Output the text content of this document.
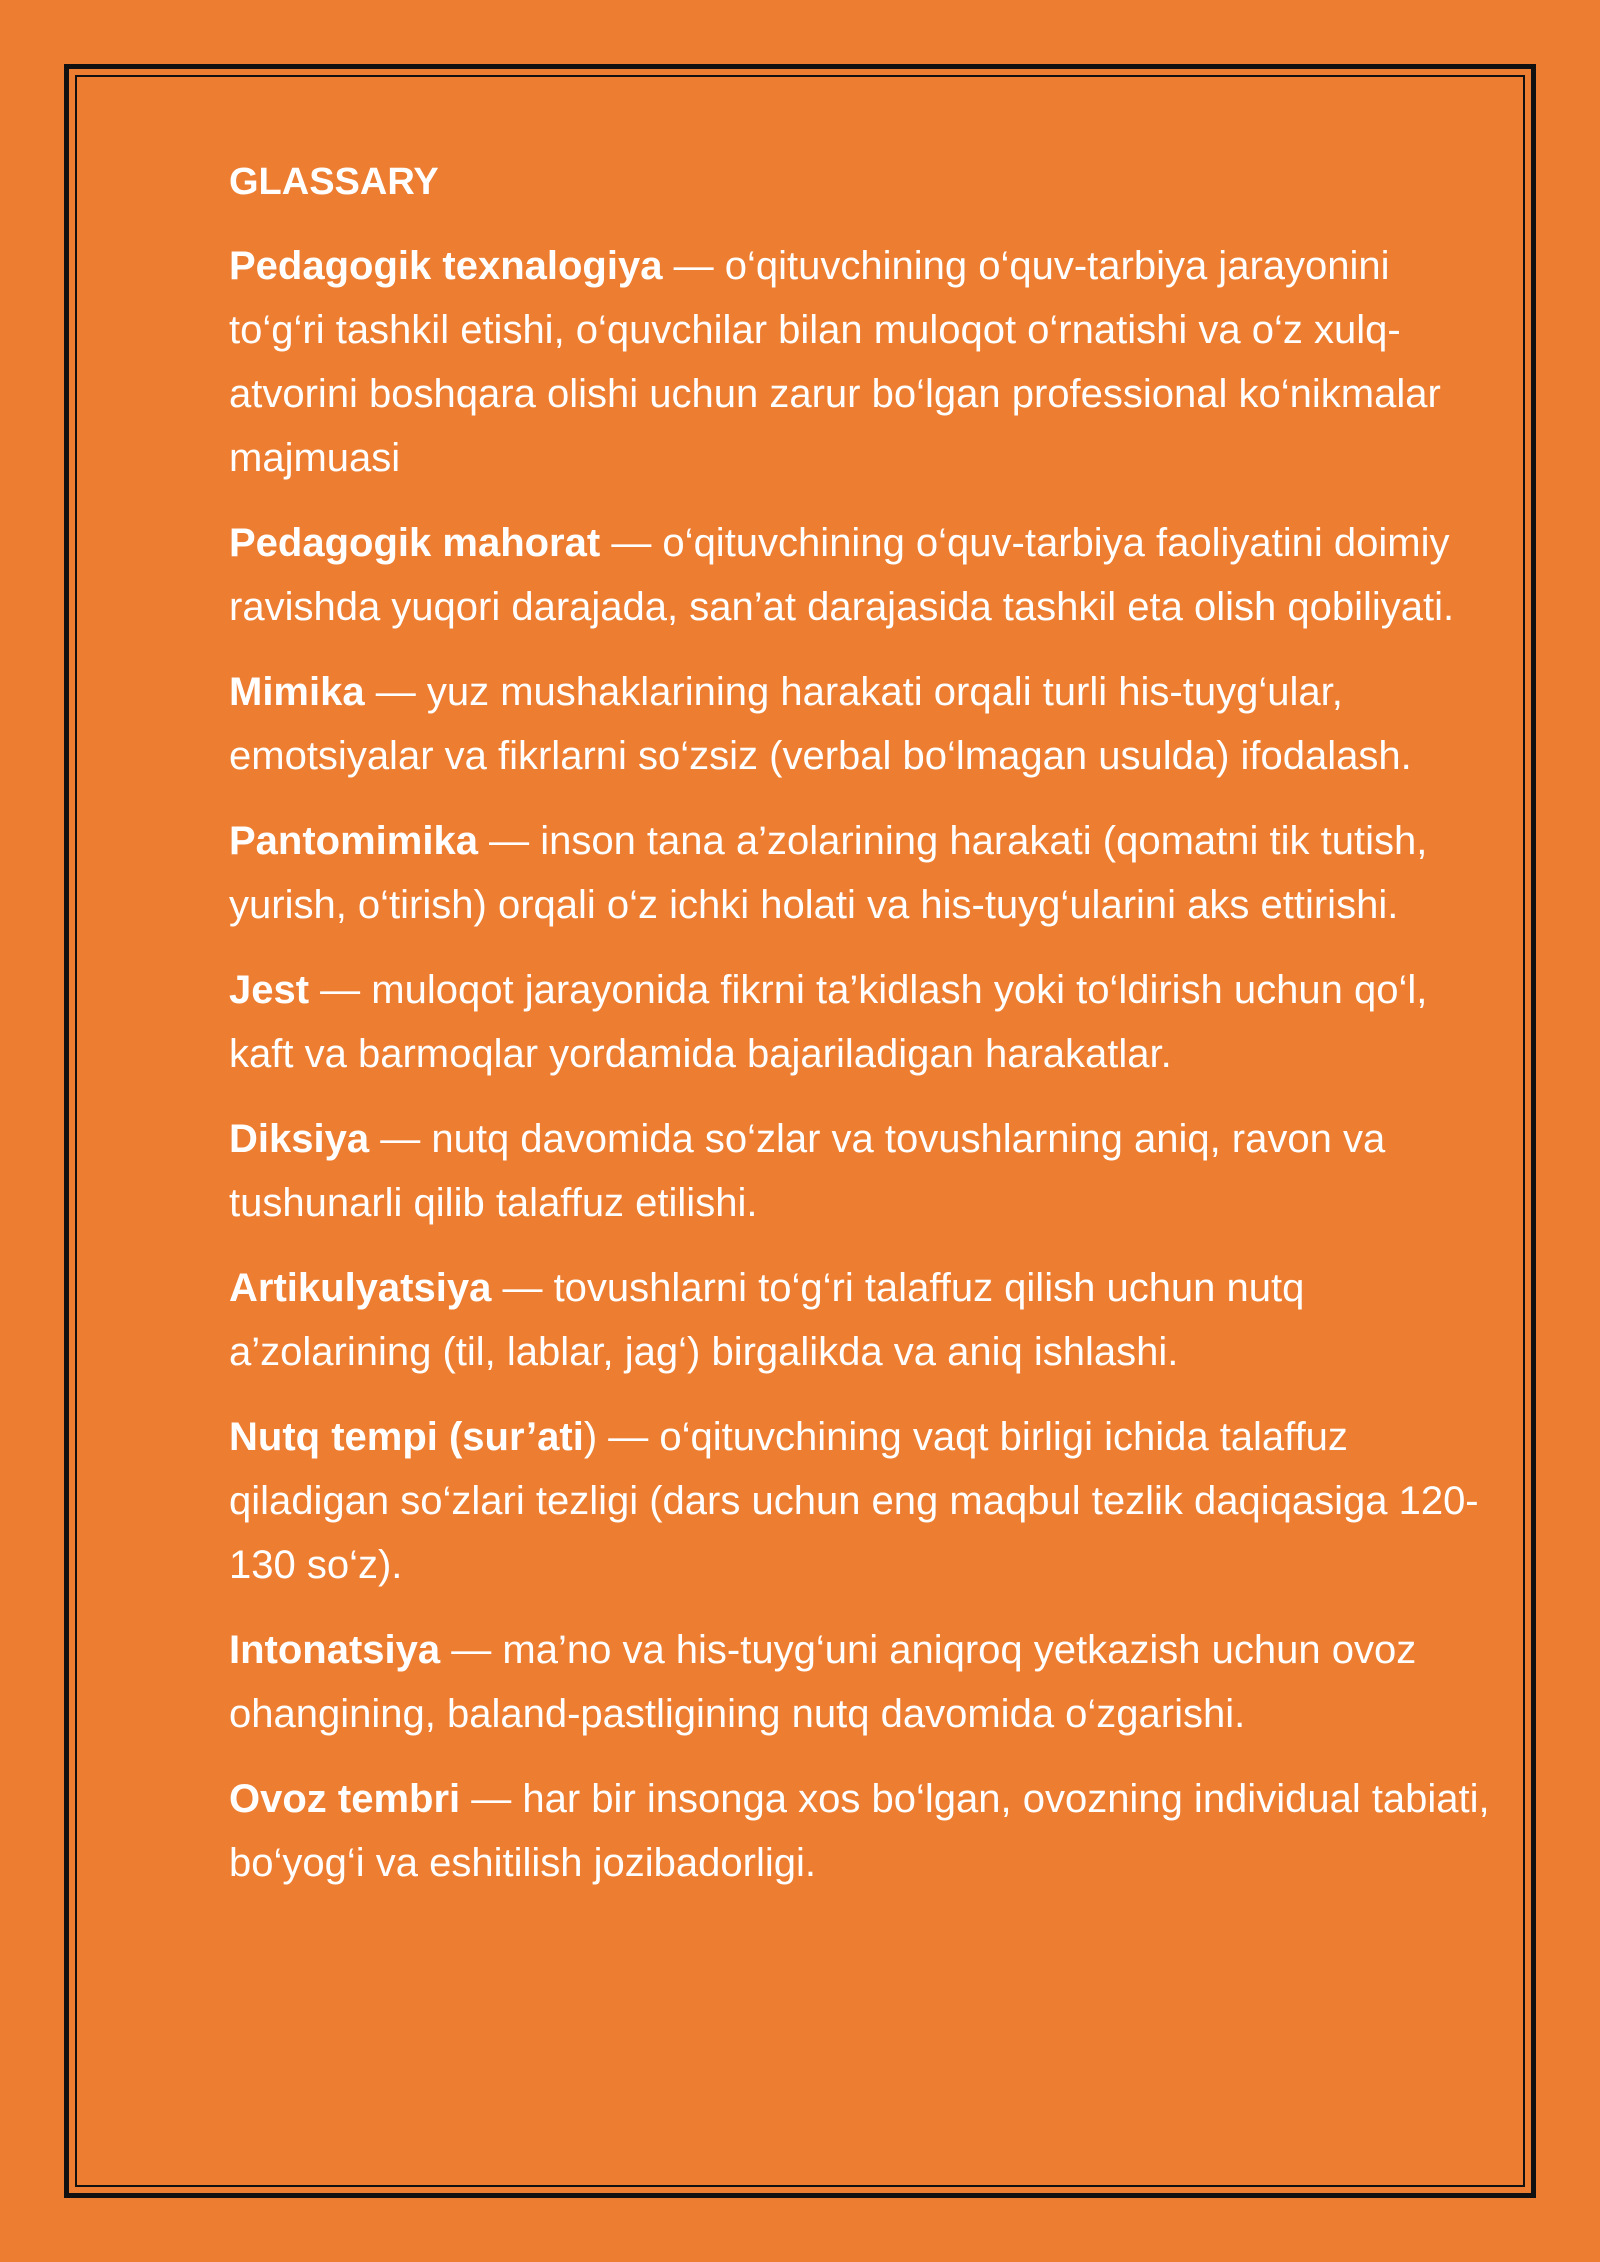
GLASSARY

Pedagogik texnalogiya — o‘qituvchining o‘quv-tarbiya jarayonini to‘g‘ri tashkil etishi, o‘quvchilar bilan muloqot o‘rnatishi va o‘z xulq-atvorini boshqara olishi uchun zarur bo‘lgan professional ko‘nikmalar majmuasi

Pedagogik mahorat — o‘qituvchining o‘quv-tarbiya faoliyatini doimiy ravishda yuqori darajada, san’at darajasida tashkil eta olish qobiliyati.

Mimika — yuz mushaklarining harakati orqali turli his-tuyg‘ular, emotsiyalar va fikrlarni so‘zsiz (verbal bo‘lmagan usulda) ifodalash.

Pantomimika — inson tana a’zolarining harakati (qomatni tik tutish, yurish, o‘tirish) orqali o‘z ichki holati va his-tuyg‘ularini aks ettirishi.

Jest — muloqot jarayonida fikrni ta’kidlash yoki to‘ldirish uchun qo‘l, kaft va barmoqlar yordamida bajariladigan harakatlar.

Diksiya — nutq davomida so‘zlar va tovushlarning aniq, ravon va tushunarli qilib talaffuz etilishi.

Artikulyatsiya — tovushlarni to‘g‘ri talaffuz qilish uchun nutq a’zolarining (til, lablar, jag‘) birgalikda va aniq ishlashi.

Nutq tempi (sur’ati) — o‘qituvchining vaqt birligi ichida talaffuz qiladigan so‘zlari tezligi (dars uchun eng maqbul tezlik daqiqasiga 120-130 so‘z).

Intonatsiya — ma’no va his-tuyg‘uni aniqroq yetkazish uchun ovoz ohangining, baland-pastligining nutq davomida o‘zgarishi.

Ovoz tembri — har bir insonga xos bo‘lgan, ovozning individual tabiati, bo‘yog‘i va eshitilish jozibadorligi.
